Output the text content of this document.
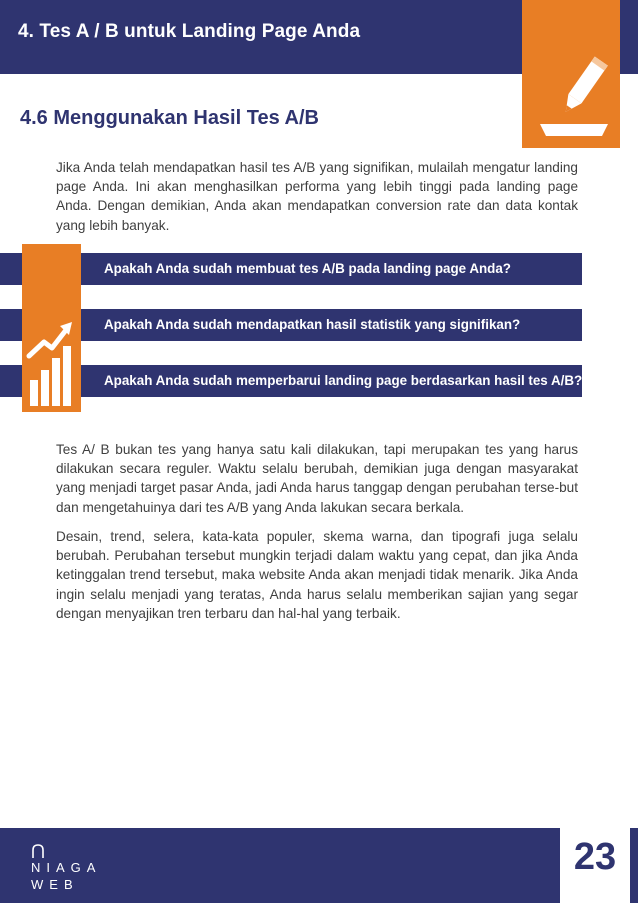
4. Tes A / B untuk Landing Page Anda
4.6 Menggunakan Hasil Tes A/B

Jika Anda telah mendapatkan hasil tes A/B yang signifikan, mulailah mengatur landing page Anda. Ini akan menghasilkan performa yang lebih tinggi pada landing page Anda. Dengan demikian, Anda akan mendapatkan conversion rate dan data kontak yang lebih banyak.

Apakah Anda sudah membuat tes A/B pada landing page Anda?
Apakah Anda sudah mendapatkan hasil statistik yang signifikan?
Apakah Anda sudah memperbarui landing page berdasarkan hasil tes A/B?

Tes A/ B bukan tes yang hanya satu kali dilakukan, tapi merupakan tes yang harus dilakukan secara reguler. Waktu selalu berubah, demikian juga dengan masyarakat yang menjadi target pasar Anda, jadi Anda harus tanggap dengan perubahan terse-but dan mengetahuinya dari tes A/B yang Anda lakukan secara berkala.

Desain, trend, selera, kata-kata populer, skema warna, dan tipografi juga selalu berubah. Perubahan tersebut mungkin terjadi dalam waktu yang cepat, dan jika Anda ketinggalan trend tersebut, maka website Anda akan menjadi tidak menarik. Jika Anda ingin selalu menjadi yang teratas, Anda harus selalu memberikan sajian yang segar dengan menyajikan tren terbaru dan hal-hal yang terbaik.

NIAGA
WEB
23
